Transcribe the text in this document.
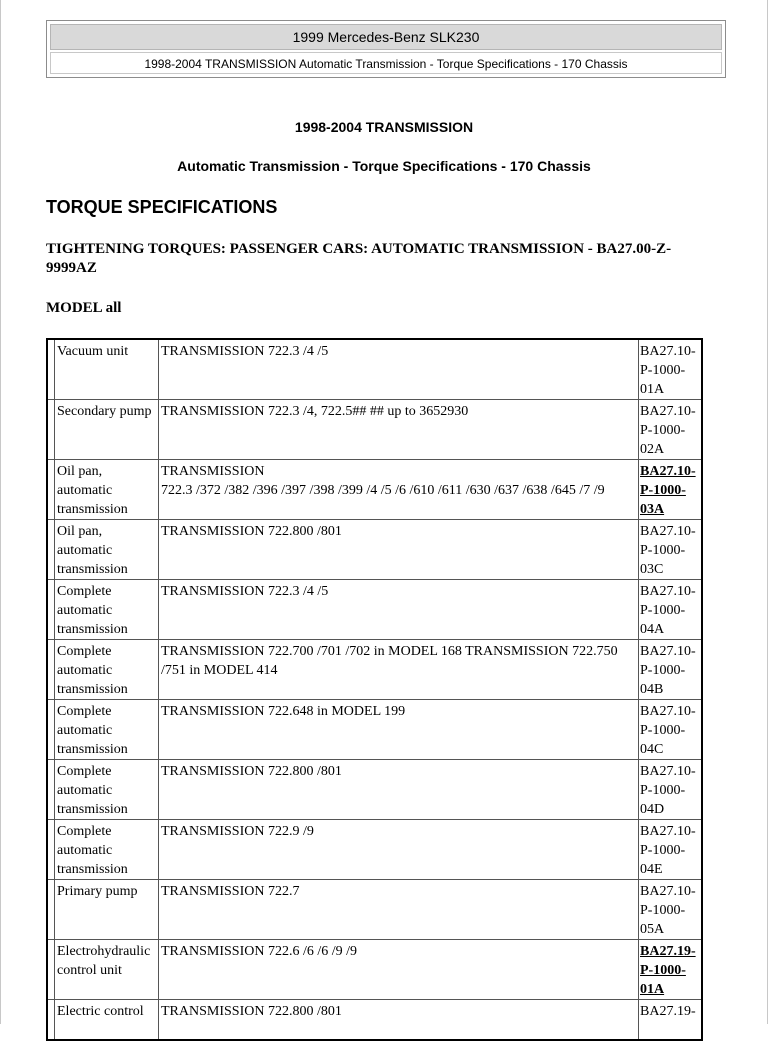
1999 Mercedes-Benz SLK230
1998-2004 TRANSMISSION Automatic Transmission - Torque Specifications - 170 Chassis
1998-2004 TRANSMISSION
Automatic Transmission - Torque Specifications - 170 Chassis
TORQUE SPECIFICATIONS
TIGHTENING TORQUES: PASSENGER CARS: AUTOMATIC TRANSMISSION - BA27.00-Z-9999AZ
MODEL all
	Vacuum unit	TRANSMISSION 722.3 /4 /5	BA27.10-P-1000-01A
	Secondary pump	TRANSMISSION 722.3 /4, 722.5## ## up to 3652930	BA27.10-P-1000-02A
	Oil pan, automatic transmission	TRANSMISSION
722.3 /372 /382 /396 /397 /398 /399 /4 /5 /6 /610 /611 /630 /637 /638 /645 /7 /9	BA27.10-P-1000-03A
	Oil pan, automatic transmission	TRANSMISSION 722.800 /801	BA27.10-P-1000-03C
	Complete automatic transmission	TRANSMISSION 722.3 /4 /5	BA27.10-P-1000-04A
	Complete automatic transmission	TRANSMISSION 722.700 /701 /702 in MODEL 168 TRANSMISSION 722.750 /751 in MODEL 414	BA27.10-P-1000-04B
	Complete automatic transmission	TRANSMISSION 722.648 in MODEL 199	BA27.10-P-1000-04C
	Complete automatic transmission	TRANSMISSION 722.800 /801	BA27.10-P-1000-04D
	Complete automatic transmission	TRANSMISSION 722.9 /9	BA27.10-P-1000-04E
	Primary pump	TRANSMISSION 722.7	BA27.10-P-1000-05A
	Electrohydraulic control unit	TRANSMISSION 722.6 /6 /6 /9 /9	BA27.19-P-1000-01A
	Electric control	TRANSMISSION 722.800 /801	BA27.19-
